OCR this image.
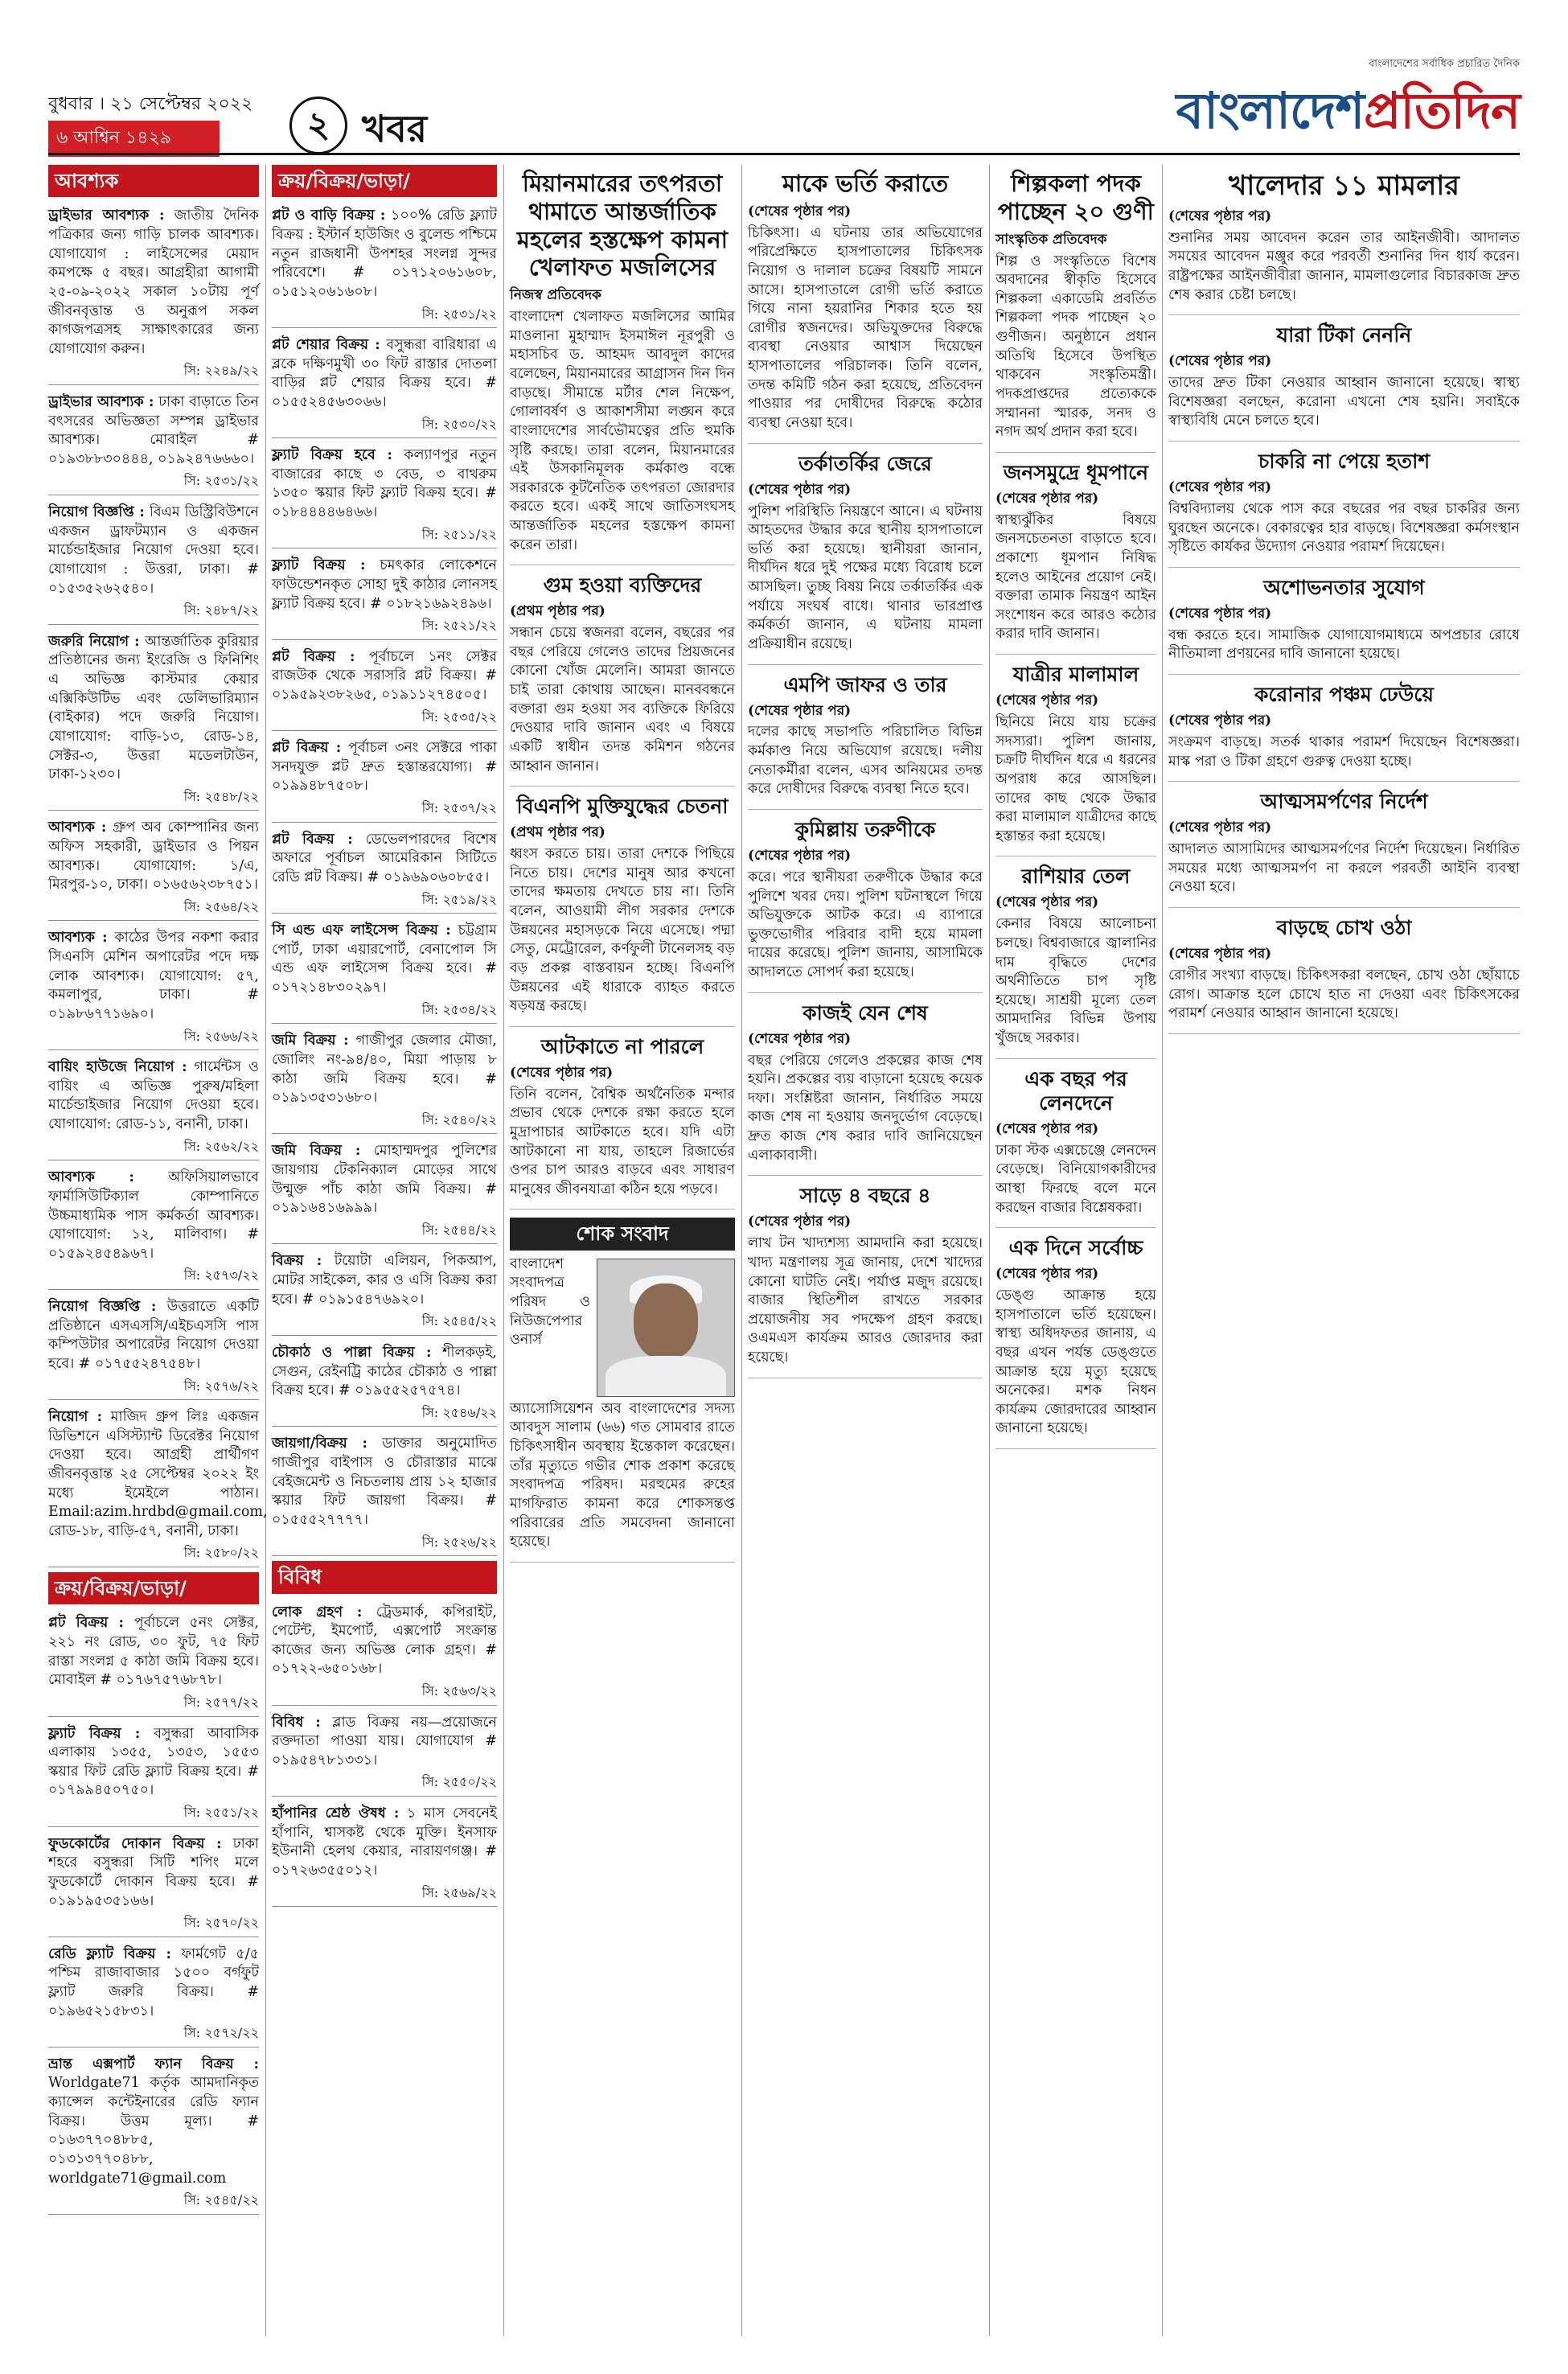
বুধবার । ২১ সেপ্টেম্বর ২০২২
৬ আশ্বিন ১৪২৯	২ খবর
বাংলাদেশের সর্বাধিক প্রচারিত দৈনিক
বাংলাদেশপ্রতিদিন
আবশ্যক

ড্রাইভার আবশ্যক : জাতীয় দৈনিক পত্রিকার জন্য গাড়ি চালক আবশ্যক। যোগাযোগ : লাইসেন্সের মেয়াদ কমপক্ষে ৫ বছর। আগ্রহীরা আগামী ২৫-০৯-২০২২ সকাল ১০টায় পূর্ণ জীবনবৃত্তান্ত ও অনুরূপ সকল কাগজপত্রসহ সাক্ষাৎকারের জন্য যোগাযোগ করুন।

সি: ২২৪৯/২২

ড্রাইভার আবশ্যক : ঢাকা বাড়াতে তিন বৎসরের অভিজ্ঞতা সম্পন্ন ড্রাইভার আবশ্যক। মোবাইল # ০১৯৩৮৮৩০৪৪৪, ০১৯২৪৭৬৬৬০।

সি: ২৫৩১/২২

নিয়োগ বিজ্ঞপ্তি : বিএম ডিস্ট্রিবিউশনে একজন ড্রাফটম্যান ও একজন মার্চেন্ডাইজার নিয়োগ দেওয়া হবে। যোগাযোগ : উত্তরা, ঢাকা। # ০১৫৩৫২৬২৫৪০।

সি: ২৪৮৭/২২

জরুরি নিয়োগ : আন্তর্জাতিক কুরিয়ার প্রতিষ্ঠানের জন্য ইংরেজি ও ফিনিশিং এ অভিজ্ঞ কাস্টমার কেয়ার এক্সিকিউটিভ এবং ডেলিভারিম্যান (বাইকার) পদে জরুরি নিয়োগ। যোগাযোগ: বাড়ি-১৩, রোড-১৪, সেক্টর-৩, উত্তরা মডেলটাউন, ঢাকা-১২৩০।

সি: ২৫৪৮/২২

আবশ্যক : গ্রুপ অব কোম্পানির জন্য অফিস সহকারী, ড্রাইভার ও পিয়ন আবশ্যক। যোগাযোগ: ১/এ, মিরপুর-১০, ঢাকা। ০১৬৫৬২৩৮৭৫১।

সি: ২৫৬৪/২২

আবশ্যক : কাঠের উপর নকশা করার সিএনসি মেশিন অপারেটর পদে দক্ষ লোক আবশ্যক। যোগাযোগ: ৫৭, কমলাপুর, ঢাকা। # ০১৯৮৬৭৭১৬৯০।

সি: ২৫৬৬/২২

বায়িং হাউজে নিয়োগ : গার্মেন্টস ও বায়িং এ অভিজ্ঞ পুরুষ/মহিলা মার্চেন্ডাইজার নিয়োগ দেওয়া হবে। যোগাযোগ: রোড-১১, বনানী, ঢাকা।

সি: ২৫৬২/২২

আবশ্যক : অফিসিয়ালভাবে ফার্মাসিউটিক্যাল কোম্পানিতে উচ্চমাধ্যমিক পাস কর্মকর্তা আবশ্যক। যোগাযোগ: ১২, মালিবাগ। # ০১৫৯২৪৫৪৯৬৭।

সি: ২৫৭৩/২২

নিয়োগ বিজ্ঞপ্তি : উত্তরাতে একটি প্রতিষ্ঠানে এসএসসি/এইচএসসি পাস কম্পিউটার অপারেটর নিয়োগ দেওয়া হবে। # ০১৭৫৫২৪৭৫৪৮।

সি: ২৫৭৬/২২

নিয়োগ : মাজিদ গ্রুপ লিঃ একজন ডিভিশনে এসিস্ট্যান্ট ডিরেক্টর নিয়োগ দেওয়া হবে। আগ্রহী প্রার্থীগণ জীবনবৃত্তান্ত ২৫ সেপ্টেম্বর ২০২২ ইং মধ্যে ইমেইলে পাঠান। Email:azim.hrdbd@gmail.com, রোড-১৮, বাড়ি-৫৭, বনানী, ঢাকা।

সি: ২৫৮০/২২
ক্রয়/বিক্রয়/ভাড়া/

প্লট বিক্রয় : পূর্বাচলে ৫নং সেক্টর, ২২১ নং রোড, ৩০ ফুট, ৭৫ ফিট রাস্তা সংলগ্ন ৫ কাঠা জমি বিক্রয় হবে। মোবাইল # ০১৭৬৭৫৭৬৮৭৮।

সি: ২৫৭৭/২২

ফ্ল্যাট বিক্রয় : বসুন্ধরা আবাসিক এলাকায় ১৩৫৫, ১৩৫৩, ১৫৫৩ স্কয়ার ফিট রেডি ফ্ল্যাট বিক্রয় হবে। # ০১৭৯৯৪৫০৭৫০।

সি: ২৫৫১/২২

ফুডকোর্টের দোকান বিক্রয় : ঢাকা শহরে বসুন্ধরা সিটি শপিং মলে ফুডকোর্টে দোকান বিক্রয় হবে। # ০১৯১৯৫৩৫১৬৬।

সি: ২৫৭০/২২

রেডি ফ্ল্যাট বিক্রয় : ফার্মগেট ৫/৫ পশ্চিম রাজাবাজার ১৫০০ বর্গফুট ফ্ল্যাট জরুরি বিক্রয়। # ০১৯৬৫২১৫৮৩১।

সি: ২৫৭২/২২

ভ্রান্ত এক্সপার্ট ফ্যান বিক্রয় : Worldgate71 কর্তৃক আমদানিকৃত ক্যান্সেল কন্টেইনারের রেডি ফ্যান বিক্রয়। উত্তম মূল্য। # ০১৬৩৭৭০৪৮৮৫, ০১৩১৩৭৭০৪৮৮, worldgate71@gmail.com

সি: ২৫৪৫/২২
ক্রয়/বিক্রয়/ভাড়া/

প্লট ও বাড়ি বিক্রয় : ১০০% রেডি ফ্ল্যাট বিক্রয় : ইস্টার্ন হাউজিং ও বুলেন্ড পশ্চিমে নতুন রাজধানী উপশহর সংলগ্ন সুন্দর পরিবেশে। # ০১৭১২০৬১৬০৮, ০১৫১২০৬১৬০৮।

সি: ২৫৩১/২২

প্লট শেয়ার বিক্রয় : বসুন্ধরা বারিধারা এ ব্লকে দক্ষিণমুখী ৩০ ফিট রাস্তার দোতলা বাড়ির প্লট শেয়ার বিক্রয় হবে। # ০১৫৫২৪৫৬৩০৬৬।

সি: ২৫৩০/২২

ফ্ল্যাট বিক্রয় হবে : কল্যাণপুর নতুন বাজারের কাছে ৩ বেড, ৩ বাথরুম ১৩৫০ স্কয়ার ফিট ফ্ল্যাট বিক্রয় হবে। # ০১৮৪৪৪৪৬৪৬৬।

সি: ২৫১১/২২

ফ্ল্যাট বিক্রয় : চমৎকার লোকেশনে ফাউন্ডেশনকৃত সোহা দুই কাঠার লোনসহ ফ্ল্যাট বিক্রয় হবে। # ০১৮২১৬৯২৪৯৬।

সি: ২৫২১/২২

প্লট বিক্রয় : পূর্বাচলে ১নং সেক্টর রাজউক থেকে সরাসরি প্লট বিক্রয়। # ০১৯৫৯২৩৮২৬৫, ০১৯১১২৭৪৫০৫।

সি: ২৫৩৫/২২

প্লট বিক্রয় : পূর্বাচল ৩নং সেক্টরে পাকা সনদযুক্ত প্লট দ্রুত হস্তান্তরযোগ্য। # ০১৯৯৪৮৭৫০৮।

সি: ২৫৩৭/২২

প্লট বিক্রয় : ডেভেলপারদের বিশেষ অফারে পূর্বাচল আমেরিকান সিটিতে রেডি প্লট বিক্রয়। # ০১৯৬৯০৬০৮৫৫।

সি: ২৫১৯/২২

সি এন্ড এফ লাইসেন্স বিক্রয় : চট্টগ্রাম পোর্ট, ঢাকা এয়ারপোর্ট, বেনাপোল সি এন্ড এফ লাইসেন্স বিক্রয় হবে। # ০১৭২১৪৮৩০২৯৭।

সি: ২৫৩৪/২২

জমি বিক্রয় : গাজীপুর জেলার মৌজা, জোলিং নং-৯৪/৪০, মিয়া পাড়ায় ৮ কাঠা জমি বিক্রয় হবে। # ০১৯১৩৫৩১৬৮০।

সি: ২৫৪০/২২

জমি বিক্রয় : মোহাম্মদপুর পুলিশের জায়গায় টেকনিক্যাল মোড়ের সাথে উন্মুক্ত পাঁচ কাঠা জমি বিক্রয়। # ০১৯১৬৪১৬৯৯৯।

সি: ২৫৪৪/২২

বিক্রয় : টয়োটা এলিয়ন, পিকআপ, মোটর সাইকেল, কার ও এসি বিক্রয় করা হবে। # ০১৯১৫৪৭৬৯২০।

সি: ২৫৪৫/২২

চৌকাঠ ও পাল্লা বিক্রয় : শীলকড়ই, সেগুন, রেইনট্রি কাঠের চৌকাঠ ও পাল্লা বিক্রয় হবে। # ০১৯৫৫২৫৭৫৭৪।

সি: ২৫৪৬/২২

জায়গা/বিক্রয় : ডাক্তার অনুমোদিত গাজীপুর বাইপাস ও চৌরাস্তার মাঝে বেইজমেন্ট ও নিচতলায় প্রায় ১২ হাজার স্কয়ার ফিট জায়গা বিক্রয়। # ০১৫৫৫২৭৭৭৭।

সি: ২৫২৬/২২
বিবিধ

লোক গ্রহণ : ট্রেডমার্ক, কপিরাইট, পেটেন্ট, ইমপোর্ট, এক্সপোর্ট সংক্রান্ত কাজের জন্য অভিজ্ঞ লোক গ্রহণ। # ০১৭২২-৬৫০১৬৮।

সি: ২৫৬৩/২২

বিবিধ : ব্লাড বিক্রয় নয়—প্রয়োজনে রক্তদাতা পাওয়া যায়। যোগাযোগ # ০১৯৫৪৭৮১৩৩১।

সি: ২৫৫০/২২

হাঁপানির শ্রেষ্ঠ ঔষধ : ১ মাস সেবনেই হাঁপানি, শ্বাসকষ্ট থেকে মুক্তি। ইনসাফ ইউনানী হেলথ কেয়ার, নারায়ণগঞ্জ। # ০১৭২৬৩৫৫০১২।

সি: ২৫৬৯/২২
মিয়ানমারের তৎপরতা থামাতে আন্তর্জাতিক মহলের হস্তক্ষেপ কামনা খেলাফত মজলিসের
নিজস্ব প্রতিবেদক

বাংলাদেশ খেলাফত মজলিসের আমির মাওলানা মুহাম্মাদ ইসমাঈল নূরপুরী ও মহাসচিব ড. আহমদ আবদুল কাদের বলেছেন, মিয়ানমারের আগ্রাসন দিন দিন বাড়ছে। সীমান্তে মর্টার শেল নিক্ষেপ, গোলাবর্ষণ ও আকাশসীমা লঙ্ঘন করে বাংলাদেশের সার্বভৌমত্বের প্রতি হুমকি সৃষ্টি করছে। তারা বলেন, মিয়ানমারের এই উসকানিমূলক কর্মকাণ্ড বন্ধে সরকারকে কূটনৈতিক তৎপরতা জোরদার করতে হবে। একই সাথে জাতিসংঘসহ আন্তর্জাতিক মহলের হস্তক্ষেপ কামনা করেন তারা।

গুম হওয়া ব্যক্তিদের
(প্রথম পৃষ্ঠার পর)

সন্ধান চেয়ে স্বজনরা বলেন, বছরের পর বছর পেরিয়ে গেলেও তাদের প্রিয়জনের কোনো খোঁজ মেলেনি। আমরা জানতে চাই তারা কোথায় আছেন। মানববন্ধনে বক্তারা গুম হওয়া সব ব্যক্তিকে ফিরিয়ে দেওয়ার দাবি জানান এবং এ বিষয়ে একটি স্বাধীন তদন্ত কমিশন গঠনের আহ্বান জানান।

বিএনপি মুক্তিযুদ্ধের চেতনা
(প্রথম পৃষ্ঠার পর)

ধ্বংস করতে চায়। তারা দেশকে পিছিয়ে নিতে চায়। দেশের মানুষ আর কখনো তাদের ক্ষমতায় দেখতে চায় না। তিনি বলেন, আওয়ামী লীগ সরকার দেশকে উন্নয়নের মহাসড়কে নিয়ে এসেছে। পদ্মা সেতু, মেট্রোরেল, কর্ণফুলী টানেলসহ বড় বড় প্রকল্প বাস্তবায়ন হচ্ছে। বিএনপি উন্নয়নের এই ধারাকে ব্যাহত করতে ষড়যন্ত্র করছে।

আটকাতে না পারলে
(শেষের পৃষ্ঠার পর)

তিনি বলেন, বৈশ্বিক অর্থনৈতিক মন্দার প্রভাব থেকে দেশকে রক্ষা করতে হলে মুদ্রাপাচার আটকাতে হবে। যদি এটা আটকানো না যায়, তাহলে রিজার্ভের ওপর চাপ আরও বাড়বে এবং সাধারণ মানুষের জীবনযাত্রা কঠিন হয়ে পড়বে।

শোক সংবাদ

বাংলাদেশ সংবাদপত্র পরিষদ ও নিউজপেপার ওনার্স অ্যাসোসিয়েশন অব বাংলাদেশের সদস্য আবদুস সালাম (৬৬) গত সোমবার রাতে চিকিৎসাধীন অবস্থায় ইন্তেকাল করেছেন। তাঁর মৃত্যুতে গভীর শোক প্রকাশ করেছে সংবাদপত্র পরিষদ। মরহুমের রুহের মাগফিরাত কামনা করে শোকসন্তপ্ত পরিবারের প্রতি সমবেদনা জানানো হয়েছে।

মাকে ভর্তি করাতে
(শেষের পৃষ্ঠার পর)

চিকিৎসা। এ ঘটনায় তার অভিযোগের পরিপ্রেক্ষিতে হাসপাতালের চিকিৎসক নিয়োগ ও দালাল চক্রের বিষয়টি সামনে আসে। হাসপাতালে রোগী ভর্তি করাতে গিয়ে নানা হয়রানির শিকার হতে হয় রোগীর স্বজনদের। অভিযুক্তদের বিরুদ্ধে ব্যবস্থা নেওয়ার আশ্বাস দিয়েছেন হাসপাতালের পরিচালক। তিনি বলেন, তদন্ত কমিটি গঠন করা হয়েছে, প্রতিবেদন পাওয়ার পর দোষীদের বিরুদ্ধে কঠোর ব্যবস্থা নেওয়া হবে।

তর্কাতর্কির জেরে
(শেষের পৃষ্ঠার পর)

পুলিশ পরিস্থিতি নিয়ন্ত্রণে আনে। এ ঘটনায় আহতদের উদ্ধার করে স্থানীয় হাসপাতালে ভর্তি করা হয়েছে। স্থানীয়রা জানান, দীর্ঘদিন ধরে দুই পক্ষের মধ্যে বিরোধ চলে আসছিল। তুচ্ছ বিষয় নিয়ে তর্কাতর্কির এক পর্যায়ে সংঘর্ষ বাধে। থানার ভারপ্রাপ্ত কর্মকর্তা জানান, এ ঘটনায় মামলা প্রক্রিয়াধীন রয়েছে।

এমপি জাফর ও তার
(শেষের পৃষ্ঠার পর)

দলের কাছে সভাপতি পরিচালিত বিভিন্ন কর্মকাণ্ড নিয়ে অভিযোগ রয়েছে। দলীয় নেতাকর্মীরা বলেন, এসব অনিয়মের তদন্ত করে দোষীদের বিরুদ্ধে ব্যবস্থা নিতে হবে।

কুমিল্লায় তরুণীকে
(শেষের পৃষ্ঠার পর)

করে। পরে স্থানীয়রা তরুণীকে উদ্ধার করে পুলিশে খবর দেয়। পুলিশ ঘটনাস্থলে গিয়ে অভিযুক্তকে আটক করে। এ ব্যাপারে ভুক্তভোগীর পরিবার বাদী হয়ে মামলা দায়ের করেছে। পুলিশ জানায়, আসামিকে আদালতে সোপর্দ করা হয়েছে।

কাজই যেন শেষ
(শেষের পৃষ্ঠার পর)

বছর পেরিয়ে গেলেও প্রকল্পের কাজ শেষ হয়নি। প্রকল্পের ব্যয় বাড়ানো হয়েছে কয়েক দফা। সংশ্লিষ্টরা জানান, নির্ধারিত সময়ে কাজ শেষ না হওয়ায় জনদুর্ভোগ বেড়েছে। দ্রুত কাজ শেষ করার দাবি জানিয়েছেন এলাকাবাসী।

সাড়ে ৪ বছরে ৪
(শেষের পৃষ্ঠার পর)

লাখ টন খাদ্যশস্য আমদানি করা হয়েছে। খাদ্য মন্ত্রণালয় সূত্র জানায়, দেশে খাদ্যের কোনো ঘাটতি নেই। পর্যাপ্ত মজুদ রয়েছে। বাজার স্থিতিশীল রাখতে সরকার প্রয়োজনীয় সব পদক্ষেপ গ্রহণ করছে। ওএমএস কার্যক্রম আরও জোরদার করা হয়েছে।

শিল্পকলা পদক পাচ্ছেন ২০ গুণী
সাংস্কৃতিক প্রতিবেদক

শিল্প ও সংস্কৃতিতে বিশেষ অবদানের স্বীকৃতি হিসেবে শিল্পকলা একাডেমি প্রবর্তিত শিল্পকলা পদক পাচ্ছেন ২০ গুণীজন। অনুষ্ঠানে প্রধান অতিথি হিসেবে উপস্থিত থাকবেন সংস্কৃতিমন্ত্রী। পদকপ্রাপ্তদের প্রত্যেককে সম্মাননা স্মারক, সনদ ও নগদ অর্থ প্রদান করা হবে।

জনসমুদ্রে ধূমপানে
(শেষের পৃষ্ঠার পর)

স্বাস্থ্যঝুঁকির বিষয়ে জনসচেতনতা বাড়াতে হবে। প্রকাশ্যে ধূমপান নিষিদ্ধ হলেও আইনের প্রয়োগ নেই। বক্তারা তামাক নিয়ন্ত্রণ আইন সংশোধন করে আরও কঠোর করার দাবি জানান।

যাত্রীর মালামাল
(শেষের পৃষ্ঠার পর)

ছিনিয়ে নিয়ে যায় চক্রের সদস্যরা। পুলিশ জানায়, চক্রটি দীর্ঘদিন ধরে এ ধরনের অপরাধ করে আসছিল। তাদের কাছ থেকে উদ্ধার করা মালামাল যাত্রীদের কাছে হস্তান্তর করা হয়েছে।

রাশিয়ার তেল
(শেষের পৃষ্ঠার পর)

কেনার বিষয়ে আলোচনা চলছে। বিশ্ববাজারে জ্বালানির দাম বৃদ্ধিতে দেশের অর্থনীতিতে চাপ সৃষ্টি হয়েছে। সাশ্রয়ী মূল্যে তেল আমদানির বিভিন্ন উপায় খুঁজছে সরকার।

এক বছর পর লেনদেনে
(শেষের পৃষ্ঠার পর)

ঢাকা স্টক এক্সচেঞ্জে লেনদেন বেড়েছে। বিনিয়োগকারীদের আস্থা ফিরছে বলে মনে করছেন বাজার বিশ্লেষকরা।

এক দিনে সর্বোচ্চ
(শেষের পৃষ্ঠার পর)

ডেঙ্গু আক্রান্ত হয়ে হাসপাতালে ভর্তি হয়েছেন। স্বাস্থ্য অধিদফতর জানায়, এ বছর এখন পর্যন্ত ডেঙ্গুতে আক্রান্ত হয়ে মৃত্যু হয়েছে অনেকের। মশক নিধন কার্যক্রম জোরদারের আহ্বান জানানো হয়েছে।

খালেদার ১১ মামলার
(শেষের পৃষ্ঠার পর)

শুনানির সময় আবেদন করেন তার আইনজীবী। আদালত সময়ের আবেদন মঞ্জুর করে পরবর্তী শুনানির দিন ধার্য করেন। রাষ্ট্রপক্ষের আইনজীবীরা জানান, মামলাগুলোর বিচারকাজ দ্রুত শেষ করার চেষ্টা চলছে।

যারা টিকা নেননি
(শেষের পৃষ্ঠার পর)

তাদের দ্রুত টিকা নেওয়ার আহ্বান জানানো হয়েছে। স্বাস্থ্য বিশেষজ্ঞরা বলছেন, করোনা এখনো শেষ হয়নি। সবাইকে স্বাস্থ্যবিধি মেনে চলতে হবে।

চাকরি না পেয়ে হতাশ
(শেষের পৃষ্ঠার পর)

বিশ্ববিদ্যালয় থেকে পাস করে বছরের পর বছর চাকরির জন্য ঘুরছেন অনেকে। বেকারত্বের হার বাড়ছে। বিশেষজ্ঞরা কর্মসংস্থান সৃষ্টিতে কার্যকর উদ্যোগ নেওয়ার পরামর্শ দিয়েছেন।

অশোভনতার সুযোগ
(শেষের পৃষ্ঠার পর)

বন্ধ করতে হবে। সামাজিক যোগাযোগমাধ্যমে অপপ্রচার রোধে নীতিমালা প্রণয়নের দাবি জানানো হয়েছে।

করোনার পঞ্চম ঢেউয়ে
(শেষের পৃষ্ঠার পর)

সংক্রমণ বাড়ছে। সতর্ক থাকার পরামর্শ দিয়েছেন বিশেষজ্ঞরা। মাস্ক পরা ও টিকা গ্রহণে গুরুত্ব দেওয়া হচ্ছে।

আত্মসমর্পণের নির্দেশ
(শেষের পৃষ্ঠার পর)

আদালত আসামিদের আত্মসমর্পণের নির্দেশ দিয়েছেন। নির্ধারিত সময়ের মধ্যে আত্মসমর্পণ না করলে পরবর্তী আইনি ব্যবস্থা নেওয়া হবে।

বাড়ছে চোখ ওঠা
(শেষের পৃষ্ঠার পর)

রোগীর সংখ্যা বাড়ছে। চিকিৎসকরা বলছেন, চোখ ওঠা ছোঁয়াচে রোগ। আক্রান্ত হলে চোখে হাত না দেওয়া এবং চিকিৎসকের পরামর্শ নেওয়ার আহ্বান জানানো হয়েছে।
